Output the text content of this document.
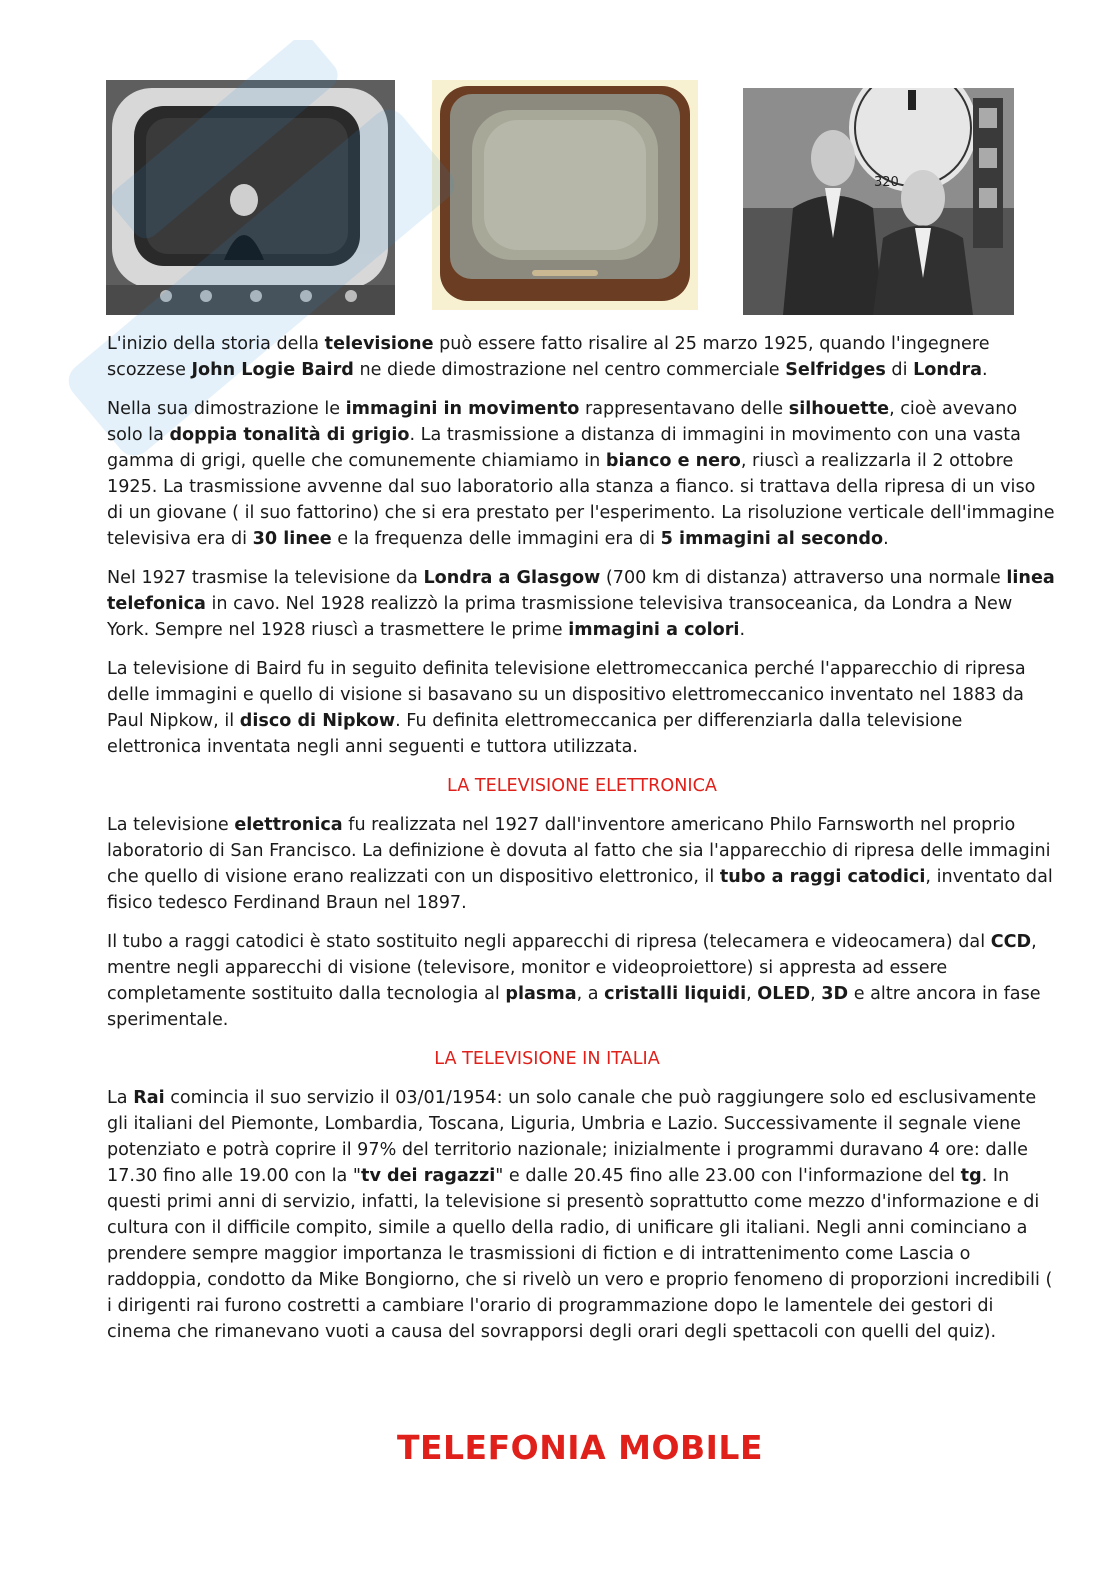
320

L'inizio della storia della televisione può essere fatto risalire al 25 marzo 1925, quando l'ingegnere scozzese John Logie Baird ne diede dimostrazione nel centro commerciale Selfridges di Londra.

Nella sua dimostrazione le immagini in movimento rappresentavano delle silhouette, cioè avevano solo la doppia tonalità di grigio. La trasmissione a distanza di immagini in movimento con una vasta gamma di grigi, quelle che comunemente chiamiamo in bianco e nero, riuscì a realizzarla il 2 ottobre 1925. La trasmissione avvenne dal suo laboratorio alla stanza a fianco. si trattava della ripresa di un viso di un giovane ( il suo fattorino) che si era prestato per l'esperimento. La risoluzione verticale dell'immagine televisiva era di 30 linee e la frequenza delle immagini era di 5 immagini al secondo.

Nel 1927 trasmise la televisione da Londra a Glasgow (700 km di distanza) attraverso una normale linea telefonica in cavo. Nel 1928 realizzò la prima trasmissione televisiva transoceanica, da Londra a New York. Sempre nel 1928 riuscì a trasmettere le prime immagini a colori.

La televisione di Baird fu in seguito definita televisione elettromeccanica perché l'apparecchio di ripresa delle immagini e quello di visione si basavano su un dispositivo elettromeccanico inventato nel 1883 da Paul Nipkow, il disco di Nipkow. Fu definita elettromeccanica per differenziarla dalla televisione elettronica inventata negli anni seguenti e tuttora utilizzata.

LA TELEVISIONE ELETTRONICA

La televisione elettronica fu realizzata nel 1927 dall'inventore americano Philo Farnsworth nel proprio laboratorio di San Francisco. La definizione è dovuta al fatto che sia l'apparecchio di ripresa delle immagini che quello di visione erano realizzati con un dispositivo elettronico, il tubo a raggi catodici, inventato dal fisico tedesco Ferdinand Braun nel 1897.

Il tubo a raggi catodici è stato sostituito negli apparecchi di ripresa (telecamera e videocamera) dal CCD, mentre negli apparecchi di visione (televisore, monitor e videoproiettore) si appresta ad essere completamente sostituito dalla tecnologia al plasma, a cristalli liquidi, OLED, 3D e altre ancora in fase sperimentale.

LA TELEVISIONE IN ITALIA

La Rai comincia il suo servizio il 03/01/1954: un solo canale che può raggiungere solo ed esclusivamente gli italiani del Piemonte, Lombardia, Toscana, Liguria, Umbria e Lazio. Successivamente il segnale viene potenziato e potrà coprire il 97% del territorio nazionale; inizialmente i programmi duravano 4 ore: dalle 17.30 fino alle 19.00 con la "tv dei ragazzi" e dalle 20.45 fino alle 23.00 con l'informazione del tg. In questi primi anni di servizio, infatti, la televisione si presentò soprattutto come mezzo d'informazione e di cultura con il difficile compito, simile a quello della radio, di unificare gli italiani. Negli anni cominciano a prendere sempre maggior importanza le trasmissioni di fiction e di intrattenimento come Lascia o raddoppia, condotto da Mike Bongiorno, che si rivelò un vero e proprio fenomeno di proporzioni incredibili ( i dirigenti rai furono costretti a cambiare l'orario di programmazione dopo le lamentele dei gestori di cinema che rimanevano vuoti a causa del sovrapporsi degli orari degli spettacoli con quelli del quiz).

TELEFONIA MOBILE
